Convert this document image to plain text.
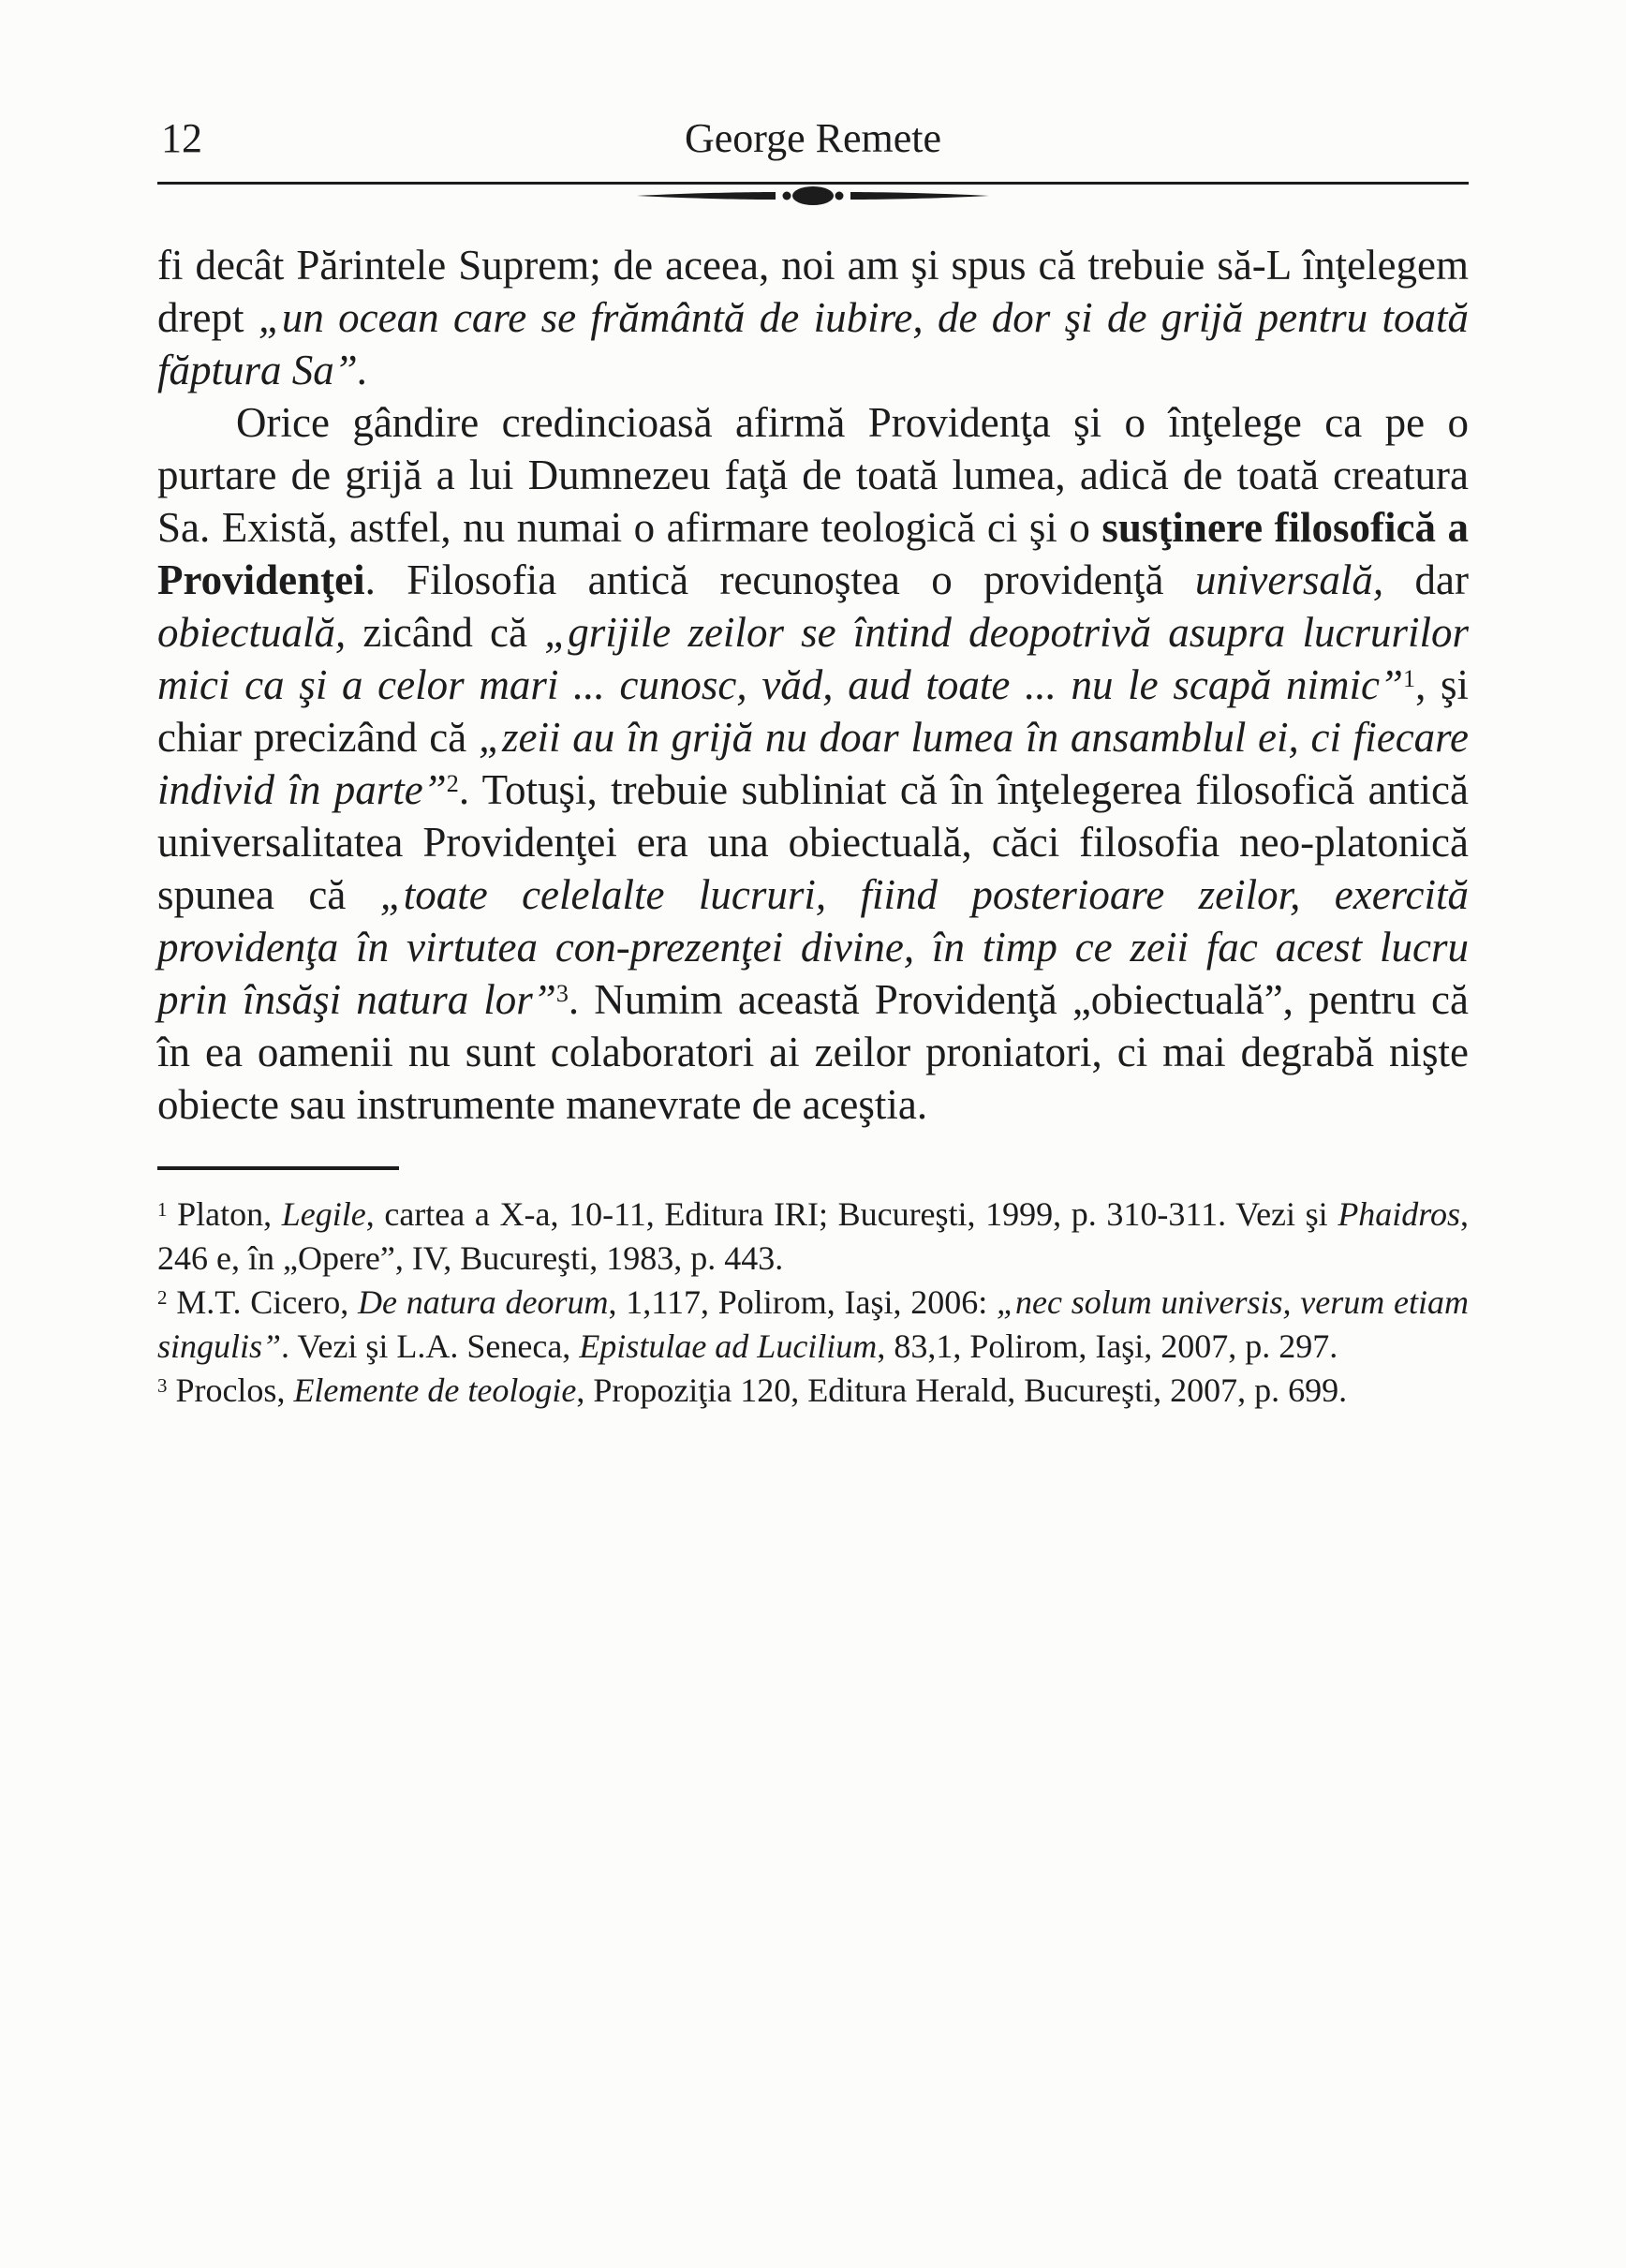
12	George Remete

fi decât Părintele Suprem; de aceea, noi am şi spus că trebuie să-L înţelegem drept „un ocean care se frământă de iubire, de dor şi de grijă pentru toată făptura Sa”.

Orice gândire credincioasă afirmă Providenţa şi o înţelege ca pe o purtare de grijă a lui Dumnezeu faţă de toată lumea, adică de toată creatura Sa. Există, astfel, nu numai o afirmare teologică ci şi o susţinere filosofică a Providenţei. Filosofia antică recunoştea o providenţă universală, dar obiectuală, zicând că „grijile zeilor se întind deopotrivă asupra lucrurilor mici ca şi a celor mari ... cunosc, văd, aud toate ... nu le scapă nimic”$^1$, şi chiar precizând că „zeii au în grijă nu doar lumea în ansamblul ei, ci fiecare individ în parte”$^2$. Totuşi, trebuie subliniat că în înţelegerea filosofică antică universalitatea Providenţei era una obiectuală, căci filosofia neo-platonică spunea că „toate celelalte lucruri, fiind posterioare zeilor, exercită providenţa în virtutea con-prezenţei divine, în timp ce zeii fac acest lucru prin însăşi natura lor”$^3$. Numim această Providenţă „obiectuală”, pentru că în ea oamenii nu sunt colaboratori ai zeilor proniatori, ci mai degrabă nişte obiecte sau instrumente manevrate de aceştia.

$^1$ Platon, Legile, cartea a X-a, 10-11, Editura IRI; Bucureşti, 1999, p. 310-311. Vezi şi Phaidros, 246 e, în „Opere”, IV, Bucureşti, 1983, p. 443.

$^2$ M.T. Cicero, De natura deorum, 1,117, Polirom, Iaşi, 2006: „nec solum universis, verum etiam singulis”. Vezi şi L.A. Seneca, Epistulae ad Lucilium, 83,1, Polirom, Iaşi, 2007, p. 297.

$^3$ Proclos, Elemente de teologie, Propoziţia 120, Editura Herald, Bucureşti, 2007, p. 699.
